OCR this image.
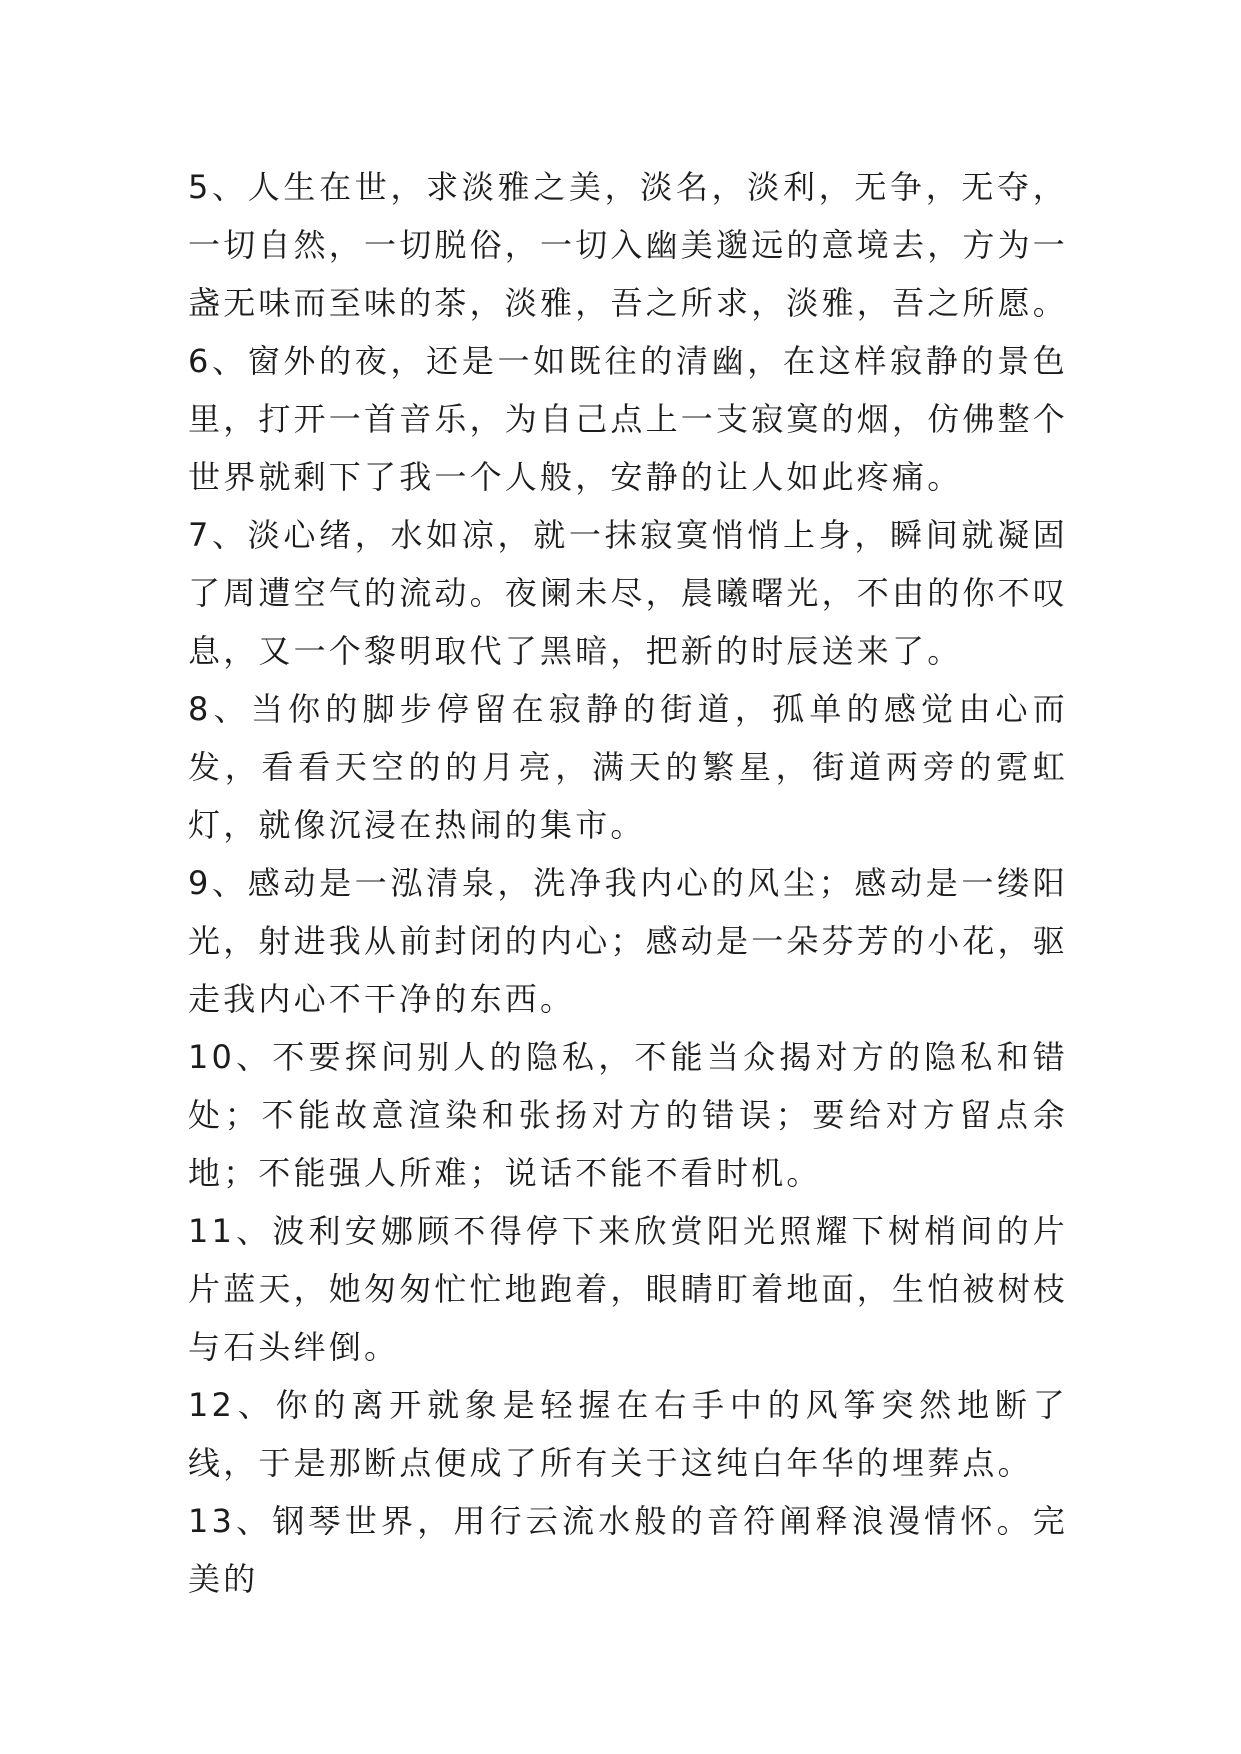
5、人生在世，求淡雅之美，淡名，淡利，无争，无夺，一切自然，一切脱俗，一切入幽美邈远的意境去，方为一盏无味而至味的茶，淡雅，吾之所求，淡雅，吾之所愿。

6、窗外的夜，还是一如既往的清幽，在这样寂静的景色里，打开一首音乐，为自己点上一支寂寞的烟，仿佛整个世界就剩下了我一个人般，安静的让人如此疼痛。

7、淡心绪，水如凉，就一抹寂寞悄悄上身，瞬间就凝固了周遭空气的流动。夜阑未尽，晨曦曙光，不由的你不叹息，又一个黎明取代了黑暗，把新的时辰送来了。

8、当你的脚步停留在寂静的街道，孤单的感觉由心而发，看看天空的的月亮，满天的繁星，街道两旁的霓虹灯，就像沉浸在热闹的集市。

9、感动是一泓清泉，洗净我内心的风尘；感动是一缕阳光，射进我从前封闭的内心；感动是一朵芬芳的小花，驱走我内心不干净的东西。

10、不要探问别人的隐私，不能当众揭对方的隐私和错处；不能故意渲染和张扬对方的错误；要给对方留点余地；不能强人所难；说话不能不看时机。

11、波利安娜顾不得停下来欣赏阳光照耀下树梢间的片片蓝天，她匆匆忙忙地跑着，眼睛盯着地面，生怕被树枝与石头绊倒。

12、你的离开就象是轻握在右手中的风筝突然地断了线，于是那断点便成了所有关于这纯白年华的埋葬点。

13、钢琴世界，用行云流水般的音符阐释浪漫情怀。完美的
